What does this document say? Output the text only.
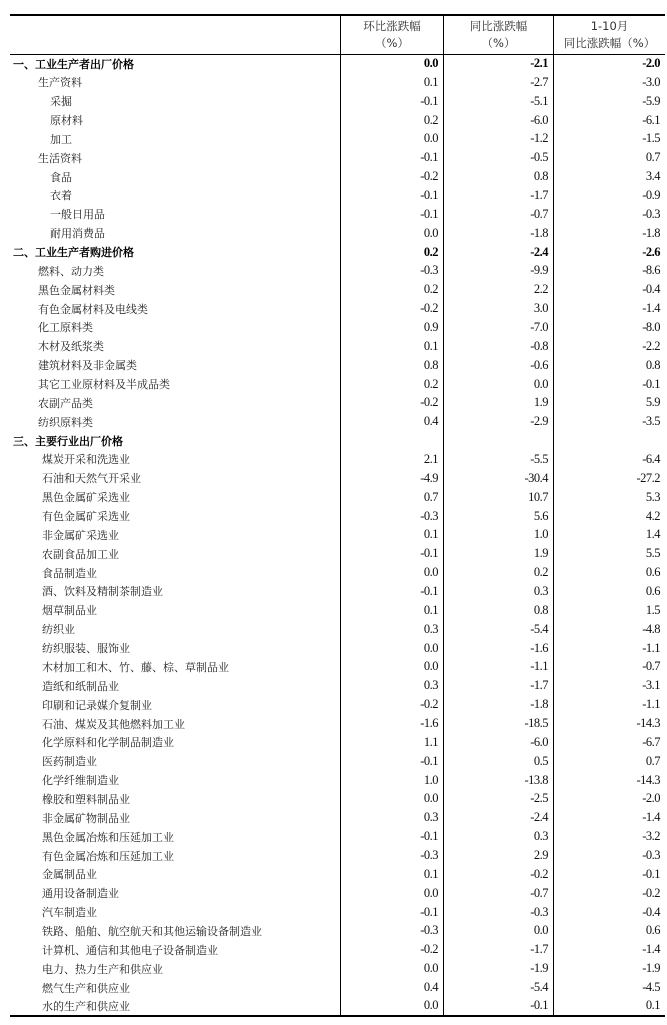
	环比涨跌幅
（%）	同比涨跌幅
（%）	1-10月
同比涨跌幅（%）
一、工业生产者出厂价格	0.0	-2.1	-2.0
生产资料	0.1	-2.7	-3.0
采掘	-0.1	-5.1	-5.9
原材料	0.2	-6.0	-6.1
加工	0.0	-1.2	-1.5
生活资料	-0.1	-0.5	0.7
食品	-0.2	0.8	3.4
衣着	-0.1	-1.7	-0.9
一般日用品	-0.1	-0.7	-0.3
耐用消费品	0.0	-1.8	-1.8
二、工业生产者购进价格	0.2	-2.4	-2.6
燃料、动力类	-0.3	-9.9	-8.6
黑色金属材料类	0.2	2.2	-0.4
有色金属材料及电线类	-0.2	3.0	-1.4
化工原料类	0.9	-7.0	-8.0
木材及纸浆类	0.1	-0.8	-2.2
建筑材料及非金属类	0.8	-0.6	0.8
其它工业原材料及半成品类	0.2	0.0	-0.1
农副产品类	-0.2	1.9	5.9
纺织原料类	0.4	-2.9	-3.5
三、主要行业出厂价格			
煤炭开采和洗选业	2.1	-5.5	-6.4
石油和天然气开采业	-4.9	-30.4	-27.2
黑色金属矿采选业	0.7	10.7	5.3
有色金属矿采选业	-0.3	5.6	4.2
非金属矿采选业	0.1	1.0	1.4
农副食品加工业	-0.1	1.9	5.5
食品制造业	0.0	0.2	0.6
酒、饮料及精制茶制造业	-0.1	0.3	0.6
烟草制品业	0.1	0.8	1.5
纺织业	0.3	-5.4	-4.8
纺织服装、服饰业	0.0	-1.6	-1.1
木材加工和木、竹、藤、棕、草制品业	0.0	-1.1	-0.7
造纸和纸制品业	0.3	-1.7	-3.1
印刷和记录媒介复制业	-0.2	-1.8	-1.1
石油、煤炭及其他燃料加工业	-1.6	-18.5	-14.3
化学原料和化学制品制造业	1.1	-6.0	-6.7
医药制造业	-0.1	0.5	0.7
化学纤维制造业	1.0	-13.8	-14.3
橡胶和塑料制品业	0.0	-2.5	-2.0
非金属矿物制品业	0.3	-2.4	-1.4
黑色金属冶炼和压延加工业	-0.1	0.3	-3.2
有色金属冶炼和压延加工业	-0.3	2.9	-0.3
金属制品业	0.1	-0.2	-0.1
通用设备制造业	0.0	-0.7	-0.2
汽车制造业	-0.1	-0.3	-0.4
铁路、船舶、航空航天和其他运输设备制造业	-0.3	0.0	0.6
计算机、通信和其他电子设备制造业	-0.2	-1.7	-1.4
电力、热力生产和供应业	0.0	-1.9	-1.9
燃气生产和供应业	0.4	-5.4	-4.5
水的生产和供应业	0.0	-0.1	0.1
